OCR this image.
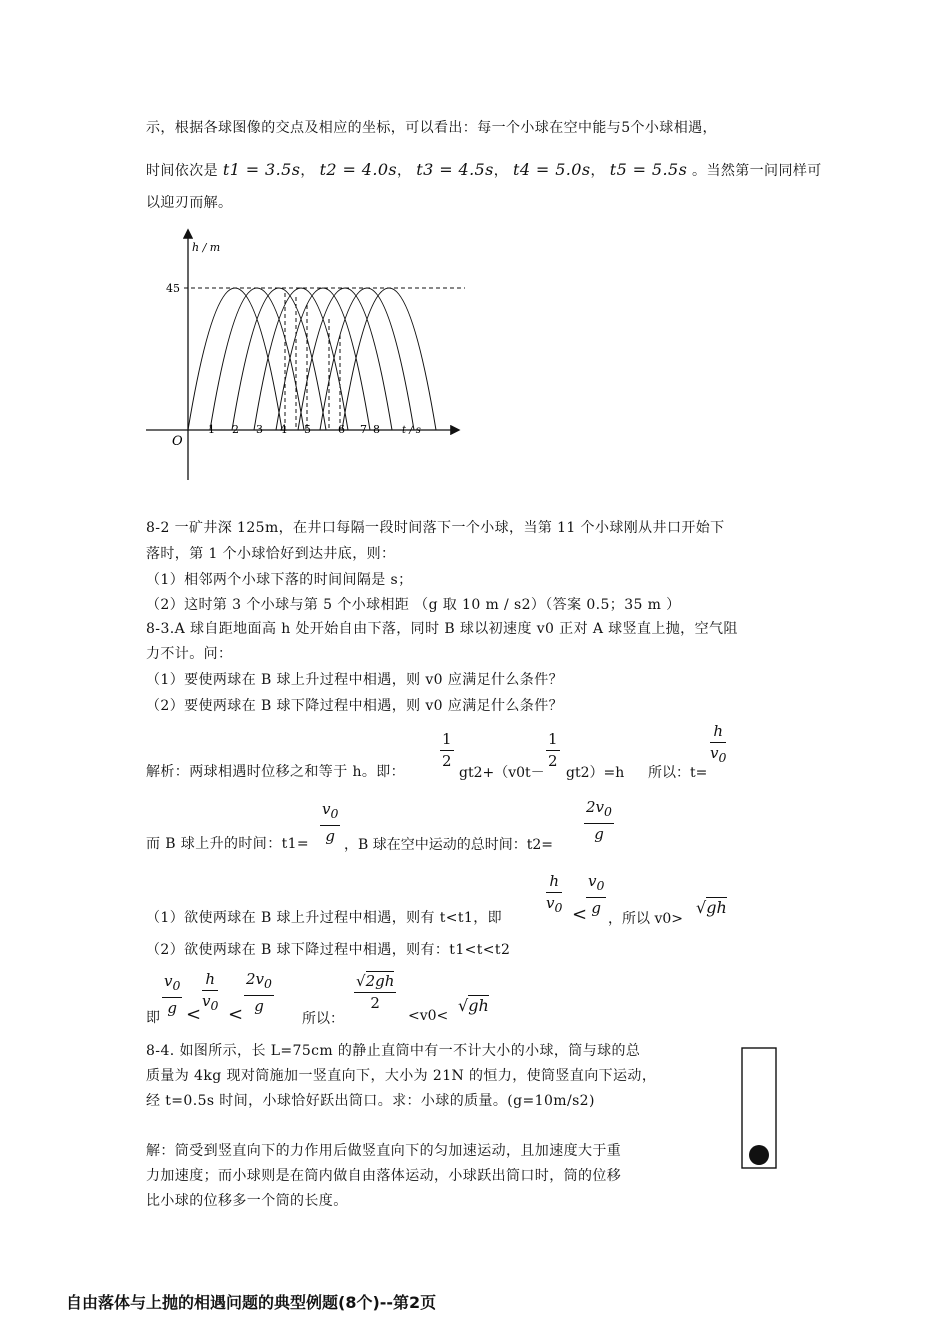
示，根据各球图像的交点及相应的坐标，可以看出：每一个小球在空中能与5个小球相遇，
时间依次是 t1 = 3.5s， t2 = 4.0s， t3 = 4.5s， t4 = 5.0s， t5 = 5.5s 。当然第一问同样可
以迎刃而解。
h / m
45
O
1 2 3 4 5 6 7 8 t / s
8-2 一矿井深 125m，在井口每隔一段时间落下一个小球，当第 11 个小球刚从井口开始下
落时，第 1 个小球恰好到达井底，则：
（1）相邻两个小球下落的时间间隔是 s；
（2）这时第 3 个小球与第 5 个小球相距 （g 取 10 m / s2）（答案 0.5；35 m ）
8-3.A 球自距地面高 h 处开始自由下落，同时 B 球以初速度 v0 正对 A 球竖直上抛，空气阻
力不计。问：
（1）要使两球在 B 球上升过程中相遇，则 v0 应满足什么条件？
（2）要使两球在 B 球下降过程中相遇，则 v0 应满足什么条件？
解析：两球相遇时位移之和等于 h。即：
$\frac{1}{2}$
gt2+（v0t－
$\frac{1}{2}$
gt2）=h 所以：t=
$\frac{h}{v_0}$
而 B 球上升的时间：$t1= \frac{v_0}{g}$ ，B 球在空中运动的总时间：t2=
$\frac{2v_0}{g}$
（1）欲使两球在 B 球上升过程中相遇，则有 t<t1，即
$\frac{h}{v_0}$ <
$\frac{v_0}{g}$
，所以 v0>
√gh
（2）欲使两球在 B 球下降过程中相遇，则有：t1<t<t2
即
$\frac{v_0}{g} < \frac{h}{v_0} < \frac{2v_0}{g}$
所以：
$\frac{√2gh}{2}$
<v0<
√gh
8-4. 如图所示，长 L=75cm 的静止直筒中有一不计大小的小球，筒与球的总
质量为 4kg 现对筒施加一竖直向下，大小为 21N 的恒力，使筒竖直向下运动，
经 t=0.5s 时间，小球恰好跃出筒口。求：小球的质量。(g=10m/s2)
解：筒受到竖直向下的力作用后做竖直向下的匀加速运动，且加速度大于重
力加速度；而小球则是在筒内做自由落体运动，小球跃出筒口时，筒的位移
比小球的位移多一个筒的长度。
自由落体与上抛的相遇问题的典型例题(8个)--第2页
